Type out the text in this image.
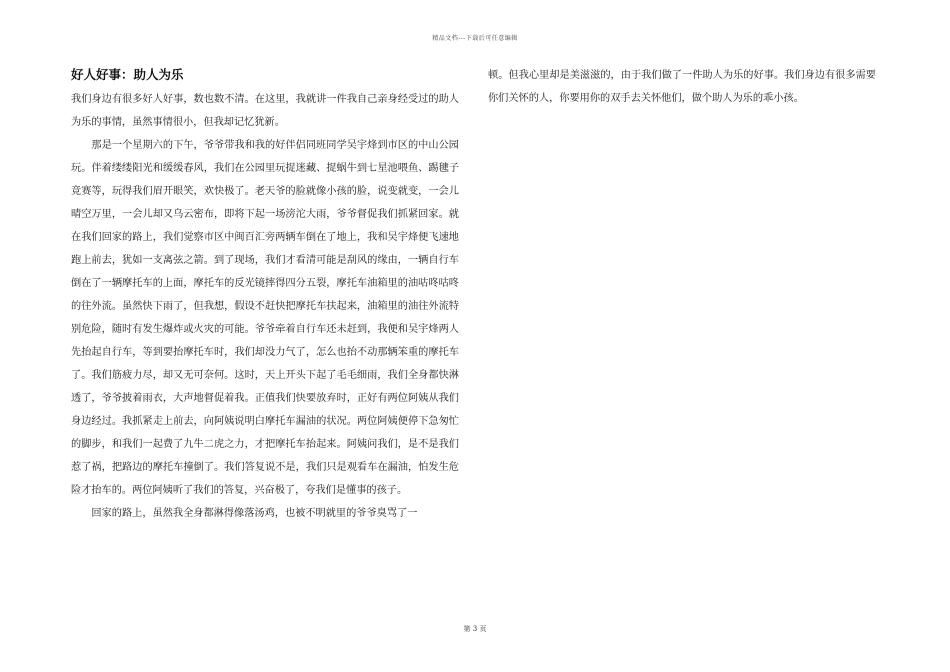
精品文档---下载后可任意编辑
好人好事：助人为乐

我们身边有很多好人好事，数也数不清。在这里，我就讲一件我自己亲身经受过的助人为乐的事情，虽然事情很小，但我却记忆犹新。

那是一个星期六的下午，爷爷带我和我的好伴侣同班同学吴宇烽到市区的中山公园玩。伴着缕缕阳光和缓缓春风，我们在公园里玩捉迷藏、捉蜗牛到七星池喂鱼、踢毽子竞赛等，玩得我们眉开眼笑，欢快极了。老天爷的脸就像小孩的脸，说变就变，一会儿晴空万里，一会儿却又乌云密布，即将下起一场滂沱大雨，爷爷督促我们抓紧回家。就在我们回家的路上，我们觉察市区中闽百汇旁两辆车倒在了地上，我和吴宇烽便飞速地跑上前去，犹如一支离弦之箭。到了现场，我们才看清可能是刮风的缘由，一辆自行车倒在了一辆摩托车的上面，摩托车的反光镜摔得四分五裂，摩托车油箱里的油咕咚咕咚的往外流。虽然快下雨了，但我想，假设不赶快把摩托车扶起来，油箱里的油往外流特别危险，随时有发生爆炸或火灾的可能。爷爷牵着自行车还未赶到，我便和吴宇烽两人先抬起自行车，等到要抬摩托车时，我们却没力气了，怎么也抬不动那辆笨重的摩托车了。我们筋疲力尽，却又无可奈何。这时，天上开头下起了毛毛细雨，我们全身都快淋透了，爷爷披着雨衣，大声地督促着我。正值我们快要放弃时，正好有两位阿姨从我们身边经过。我抓紧走上前去，向阿姨说明白摩托车漏油的状况。两位阿姨便停下急匆忙的脚步，和我们一起费了九牛二虎之力，才把摩托车抬起来。阿姨问我们，是不是我们惹了祸，把路边的摩托车撞倒了。我们答复说不是，我们只是观看车在漏油，怕发生危险才抬车的。两位阿姨听了我们的答复，兴奋极了，夸我们是懂事的孩子。

回家的路上，虽然我全身都淋得像落汤鸡，也被不明就里的爷爷臭骂了一

顿。但我心里却是美滋滋的，由于我们做了一件助人为乐的好事。我们身边有很多需要你们关怀的人，你要用你的双手去关怀他们，做个助人为乐的乖小孩。

第 3 页
